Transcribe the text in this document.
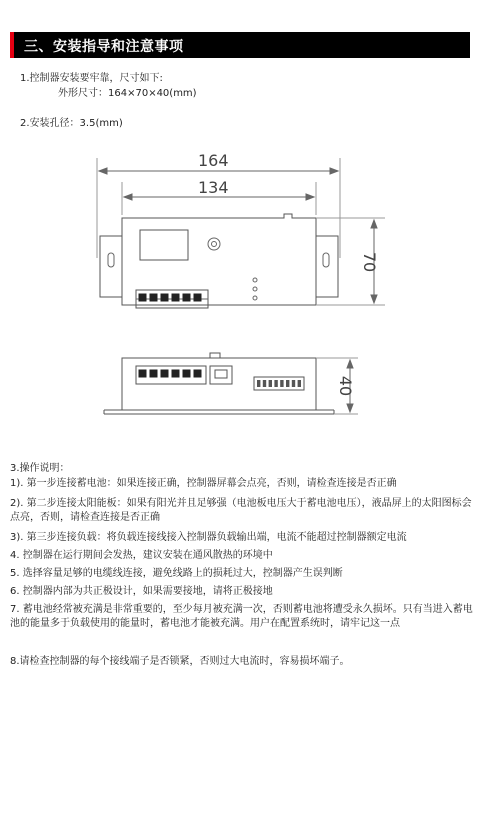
三、安装指导和注意事项
1.控制器安装要牢靠，尺寸如下:
外形尺寸：164×70×40(mm)
2.安装孔径：3.5(mm)
164
134
70
40
3.操作说明：
1). 第一步连接蓄电池：如果连接正确，控制器屏幕会点亮，否则，请检查连接是否正确
2). 第二步连接太阳能板：如果有阳光并且足够强（电池板电压大于蓄电池电压），液晶屏上的太阳图标会点亮，否则，请检查连接是否正确
3). 第三步连接负载：将负载连接线接入控制器负载输出端，电流不能超过控制器额定电流
4. 控制器在运行期间会发热，建议安装在通风散热的环境中
5. 选择容量足够的电缆线连接，避免线路上的损耗过大，控制器产生误判断
6. 控制器内部为共正极设计，如果需要接地，请将正极接地
7. 蓄电池经常被充满是非常重要的，至少每月被充满一次，否则蓄电池将遭受永久损坏。只有当进入蓄电池的能量多于负载使用的能量时，蓄电池才能被充满。用户在配置系统时，请牢记这一点
8.请检查控制器的每个接线端子是否锁紧，否则过大电流时，容易损坏端子。
